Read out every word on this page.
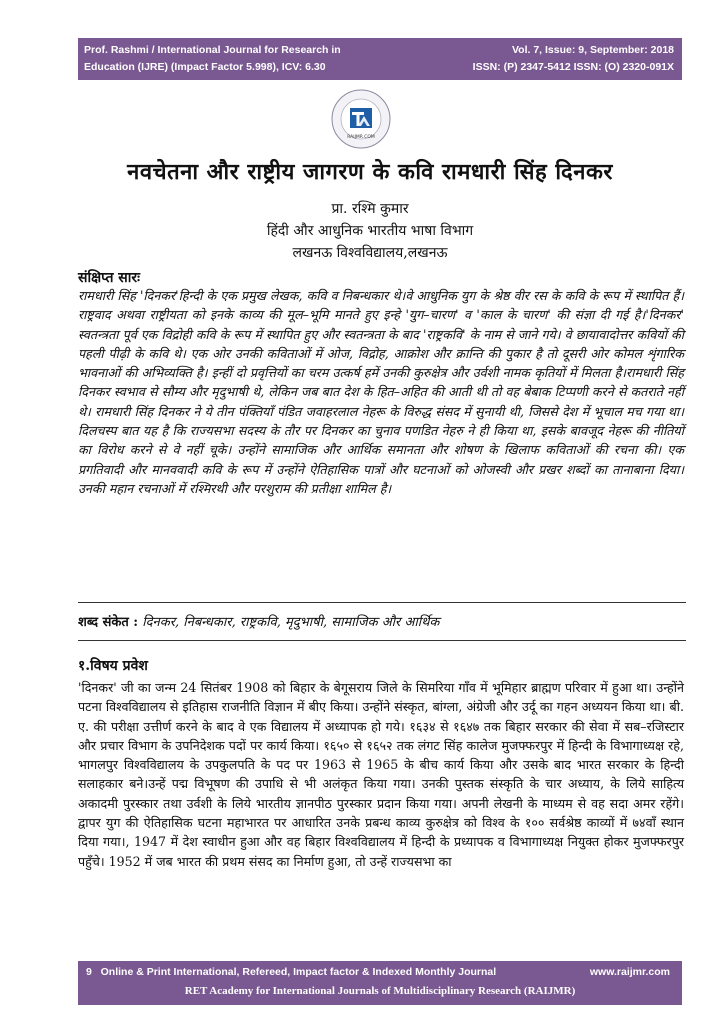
Prof. Rashmi / International Journal for Research in
Education (IJRE) (Impact Factor 5.998), ICV: 6.30
Vol. 7, Issue: 9, September: 2018
ISSN: (P) 2347-5412 ISSN: (O) 2320-091X
RAIJMR.COM
नवचेतना और राष्ट्रीय जागरण के कवि रामधारी सिंह दिनकर
प्रा. रश्मि कुमार
हिंदी और आधुनिक भारतीय भाषा विभाग
लखनऊ विश्वविद्यालय,लखनऊ
संक्षिप्त सारः
रामधारी सिंह 'दिनकर'हिन्दी के एक प्रमुख लेखक, कवि व निबन्धकार थे।वे आधुनिक युग के श्रेष्ठ वीर रस के कवि के रूप में स्थापित हैं। राष्ट्रवाद अथवा राष्ट्रीयता को इनके काव्य की मूल–भूमि मानते हुए इन्हे 'युग–चारण' व 'काल के चारण' की संज्ञा दी गई है।'दिनकर' स्वतन्त्रता पूर्व एक विद्रोही कवि के रूप में स्थापित हुए और स्वतन्त्रता के बाद 'राष्ट्रकवि' के नाम से जाने गये। वे छायावादोत्तर कवियों की पहली पीढ़ी के कवि थे। एक ओर उनकी कविताओं में ओज, विद्रोह, आक्रोश और क्रान्ति की पुकार है तो दूसरी ओर कोमल शृंगारिक भावनाओं की अभिव्यक्ति है। इन्हीं दो प्रवृत्तियों का चरम उत्कर्ष हमें उनकी कुरुक्षेत्र और उर्वशी नामक कृतियों में मिलता है।रामधारी सिंह दिनकर स्वभाव से सौम्य और मृदुभाषी थे, लेकिन जब बात देश के हित–अहित की आती थी तो वह बेबाक टिप्पणी करने से कतराते नहीं थे। रामधारी सिंह दिनकर ने ये तीन पंक्तियाँ पंडित जवाहरलाल नेहरू के विरुद्ध संसद में सुनायी थी, जिससे देश में भूचाल मच गया था। दिलचस्प बात यह है कि राज्यसभा सदस्य के तौर पर दिनकर का चुनाव पणडित नेहरु ने ही किया था, इसके बावजूद नेहरू की नीतियों का विरोध करने से वे नहीं चूके। उन्होंने सामाजिक और आर्थिक समानता और शोषण के खिलाफ कविताओं की रचना की। एक प्रगतिवादी और मानववादी कवि के रूप में उन्होंने ऐतिहासिक पात्रों और घटनाओं को ओजस्वी और प्रखर शब्दों का तानाबाना दिया। उनकी महान रचनाओं में रश्मिरथी और परशुराम की प्रतीक्षा शामिल है।
शब्द संकेत : दिनकर, निबन्धकार, राष्ट्रकवि, मृदुभाषी, सामाजिक और आर्थिक
१.विषय प्रवेश
'दिनकर' जी का जन्म 24 सितंबर 1908 को बिहार के बेगूसराय जिले के सिमरिया गाँव में भूमिहार ब्राह्मण परिवार में हुआ था। उन्होंने पटना विश्वविद्यालय से इतिहास राजनीति विज्ञान में बीए किया। उन्होंने संस्कृत, बांग्ला, अंग्रेजी और उर्दू का गहन अध्ययन किया था। बी. ए. की परीक्षा उत्तीर्ण करने के बाद वे एक विद्यालय में अध्यापक हो गये। १६३४ से १६४७ तक बिहार सरकार की सेवा में सब–रजिस्टार और प्रचार विभाग के उपनिदेशक पदों पर कार्य किया। १६५० से १६५२ तक लंगट सिंह कालेज मुजफ्फरपुर में हिन्दी के विभागाध्यक्ष रहे, भागलपुर विश्वविद्यालय के उपकुलपति के पद पर 1963 से 1965 के बीच कार्य किया और उसके बाद भारत सरकार के हिन्दी सलाहकार बने।उन्हें पद्म विभूषण की उपाधि से भी अलंकृत किया गया। उनकी पुस्तक संस्कृति के चार अध्याय, के लिये साहित्य अकादमी पुरस्कार तथा उर्वशी के लिये भारतीय ज्ञानपीठ पुरस्कार प्रदान किया गया। अपनी लेखनी के माध्यम से वह सदा अमर रहेंगे।द्वापर युग की ऐतिहासिक घटना महाभारत पर आधारित उनके प्रबन्ध काव्य कुरुक्षेत्र को विश्व के १०० सर्वश्रेष्ठ काव्यों में ७४वाँ स्थान दिया गया।, 1947 में देश स्वाधीन हुआ और वह बिहार विश्वविद्यालय में हिन्दी के प्रध्यापक व विभागाध्यक्ष नियुक्त होकर मुजफ्फरपुर पहुँचे। 1952 में जब भारत की प्रथम संसद का निर्माण हुआ, तो उन्हें राज्यसभा का
9 Online & Print International, Refereed, Impact factor & Indexed Monthly Journal	www.raijmr.com
RET Academy for International Journals of Multidisciplinary Research (RAIJMR)
